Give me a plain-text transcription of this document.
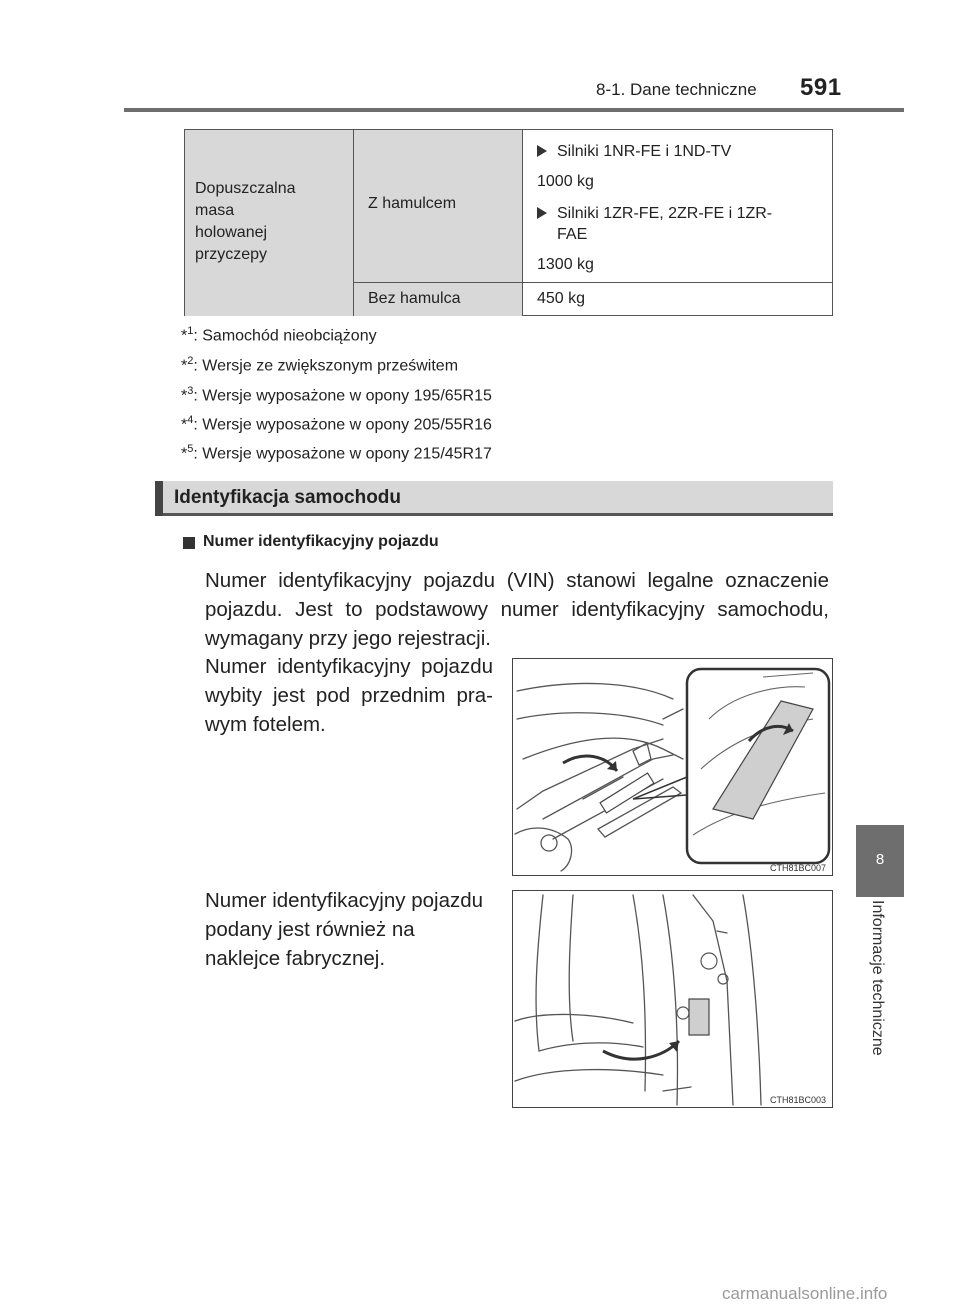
8-1. Dane techniczne 591
8
Informacje techniczne
Dopuszczalna masa holowanej przyczepy
Z hamulcem
Bez hamulca
Silniki 1NR-FE i 1ND-TV
1000 kg
Silniki 1ZR-FE, 2ZR-FE i 1ZR-FAE
1300 kg
450 kg
*$^1$: Samochód nieobciążony
*$^2$: Wersje ze zwiększonym prześwitem
*$^3$: Wersje wyposażone w opony 195/65R15
*$^4$: Wersje wyposażone w opony 205/55R16
*$^5$: Wersje wyposażone w opony 215/45R17
Identyfikacja samochodu
Numer identyfikacyjny pojazdu
Numer identyfikacyjny pojazdu (VIN) stanowi legalne oznaczenie pojazdu. Jest to podstawowy numer identyfikacyjny samochodu, wymagany przy jego rejestracji.
Numer identyfikacyjny pojazdu wybity jest pod przednim pra-wym fotelem.
Numer identyfikacyjny pojazdu podany jest również na naklejce fabrycznej.
CTH81BC007
CTH81BC003
carmanualsonline.info
